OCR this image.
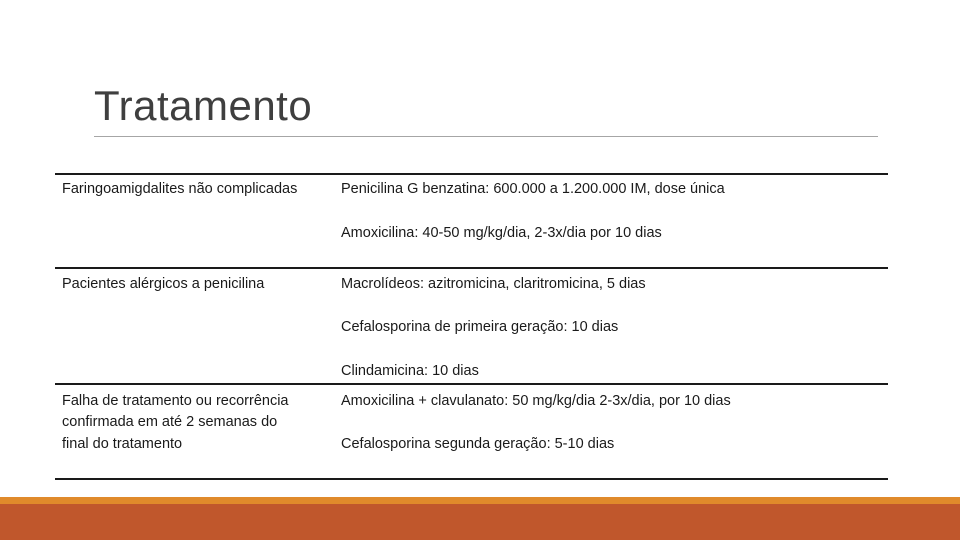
Tratamento
Faringoamigdalites não complicadas	Penicilina G benzatina: 600.000 a 1.200.000 IM, dose única
Amoxicilina: 40-50 mg/kg/dia, 2-3x/dia por 10 dias
Pacientes alérgicos a penicilina	Macrolídeos: azitromicina, claritromicina, 5 dias
Cefalosporina de primeira geração: 10 dias
Clindamicina: 10 dias
Falha de tratamento ou recorrência
confirmada em até 2 semanas do
final do tratamento
Amoxicilina + clavulanato: 50 mg/kg/dia 2-3x/dia, por 10 dias
Cefalosporina segunda geração: 5-10 dias
